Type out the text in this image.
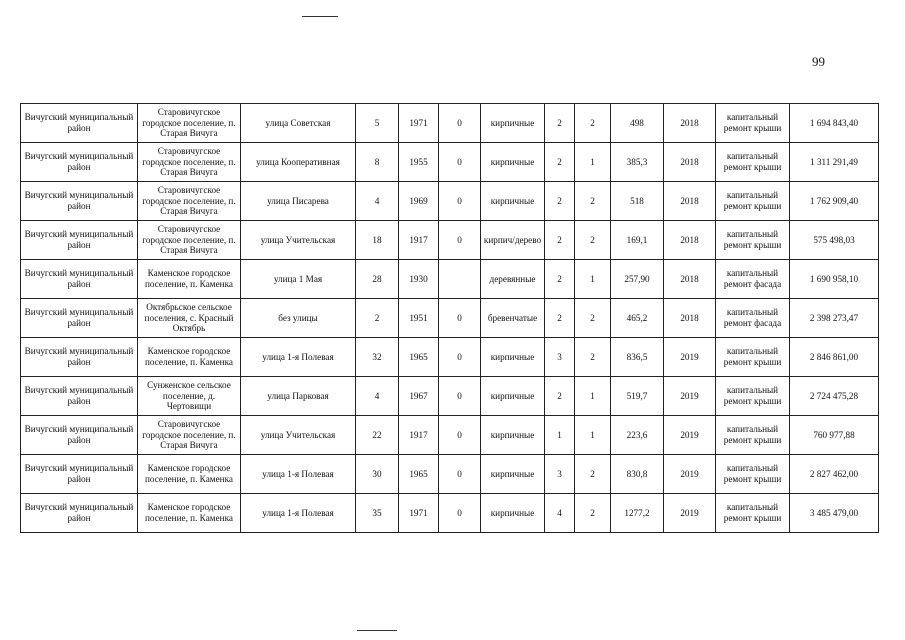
99
Вичугский муниципальный район	Старовичугское городское поселение, п. Старая Вичуга	улица Советская	5	1971	0	кирпичные	2	2	498	2018	капитальный ремонт крыши	1 694 843,40
Вичугский муниципальный район	Старовичугское городское поселение, п. Старая Вичуга	улица Кооперативная	8	1955	0	кирпичные	2	1	385,3	2018	капитальный ремонт крыши	1 311 291,49
Вичугский муниципальный район	Старовичугское городское поселение, п. Старая Вичуга	улица Писарева	4	1969	0	кирпичные	2	2	518	2018	капитальный ремонт крыши	1 762 909,40
Вичугский муниципальный район	Старовичугское городское поселение, п. Старая Вичуга	улица Учительская	18	1917	0	кирпич/дерево	2	2	169,1	2018	капитальный ремонт крыши	575 498,03
Вичугский муниципальный район	Каменское городское поселение, п. Каменка	улица 1 Мая	28	1930		деревянные	2	1	257,90	2018	капитальный ремонт фасада	1 690 958,10
Вичугский муниципальный район	Октябрьское сельское поселения, с. Красный Октябрь	без улицы	2	1951	0	бревенчатые	2	2	465,2	2018	капитальный ремонт фасада	2 398 273,47
Вичугский муниципальный район	Каменское городское поселение, п. Каменка	улица 1-я Полевая	32	1965	0	кирпичные	3	2	836,5	2019	капитальный ремонт крыши	2 846 861,00
Вичугский муниципальный район	Сунженское сельское поселение, д. Чертовищи	улица Парковая	4	1967	0	кирпичные	2	1	519,7	2019	капитальный ремонт крыши	2 724 475,28
Вичугский муниципальный район	Старовичугское городское поселение, п. Старая Вичуга	улица Учительская	22	1917	0	кирпичные	1	1	223,6	2019	капитальный ремонт крыши	760 977,88
Вичугский муниципальный район	Каменское городское поселение, п. Каменка	улица 1-я Полевая	30	1965	0	кирпичные	3	2	830,8	2019	капитальный ремонт крыши	2 827 462,00
Вичугский муниципальный район	Каменское городское поселение, п. Каменка	улица 1-я Полевая	35	1971	0	кирпичные	4	2	1277,2	2019	капитальный ремонт крыши	3 485 479,00
